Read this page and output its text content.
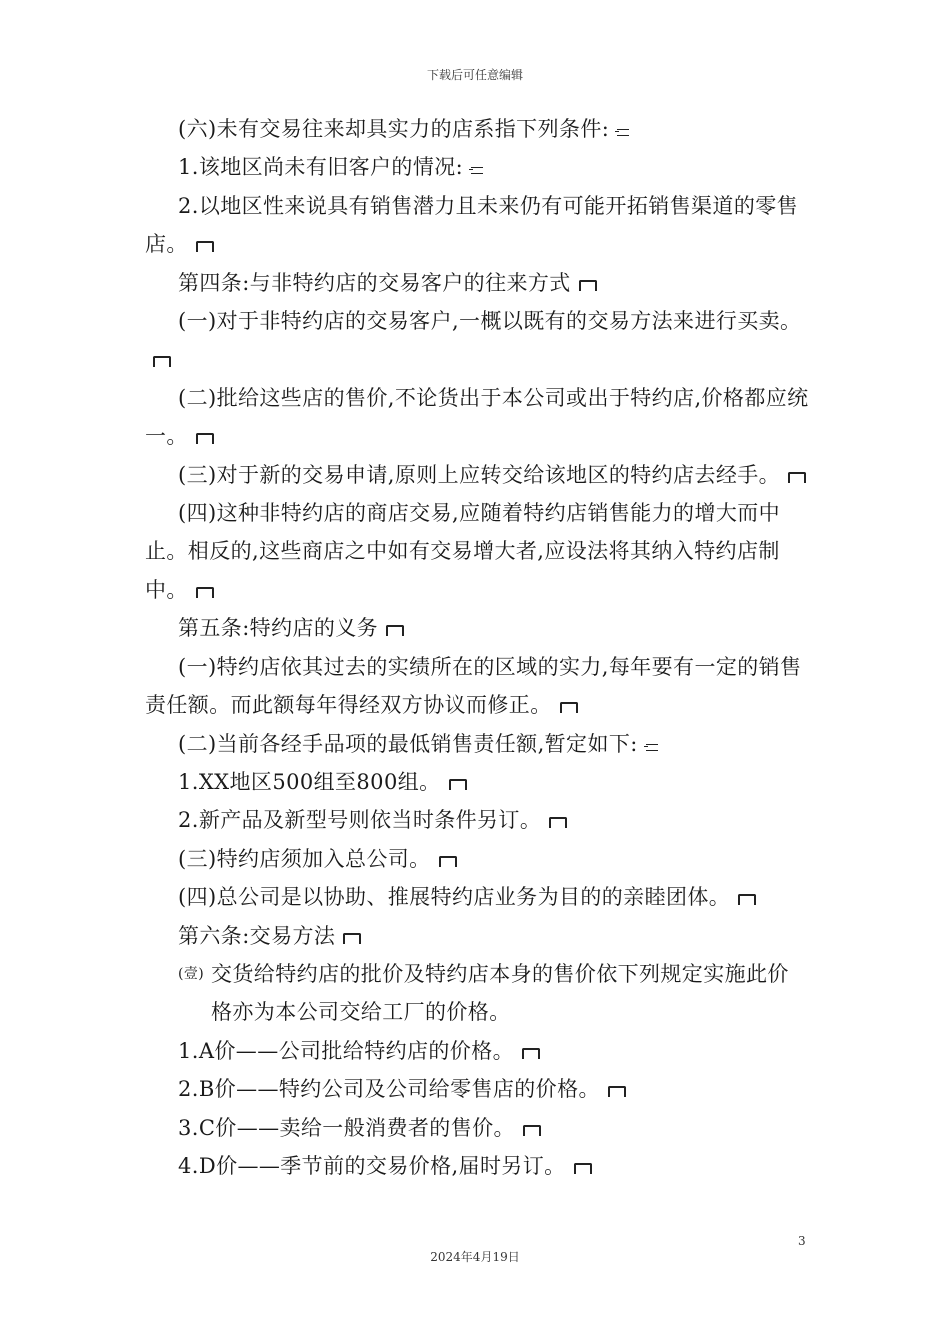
下载后可任意编辑

(六)未有交易往来却具实力的店系指下列条件:

1.该地区尚未有旧客户的情况:

2.以地区性来说具有销售潜力且未来仍有可能开拓销售渠道的零售店。

第四条:与非特约店的交易客户的往来方式

(一)对于非特约店的交易客户,一概以既有的交易方法来进行买卖。

(二)批给这些店的售价,不论货出于本公司或出于特约店,价格都应统一。

(三)对于新的交易申请,原则上应转交给该地区的特约店去经手。

(四)这种非特约店的商店交易,应随着特约店销售能力的增大而中止。相反的,这些商店之中如有交易增大者,应设法将其纳入特约店制中。

第五条:特约店的义务

(一)特约店依其过去的实绩所在的区域的实力,每年要有一定的销售责任额。而此额每年得经双方协议而修正。

(二)当前各经手品项的最低销售责任额,暂定如下:

1.XX地区500组至800组。

2.新产品及新型号则依当时条件另订。

(三)特约店须加入总公司。

(四)总公司是以协助、推展特约店业务为目的的亲睦团体。

第六条:交易方法

(壹) 交货给特约店的批价及特约店本身的售价依下列规定实施此价格亦为本公司交给工厂的价格。

1.A价——公司批给特约店的价格。

2.B价——特约公司及公司给零售店的价格。

3.C价——卖给一般消费者的售价。

4.D价——季节前的交易价格,届时另订。

3
2024年4月19日
